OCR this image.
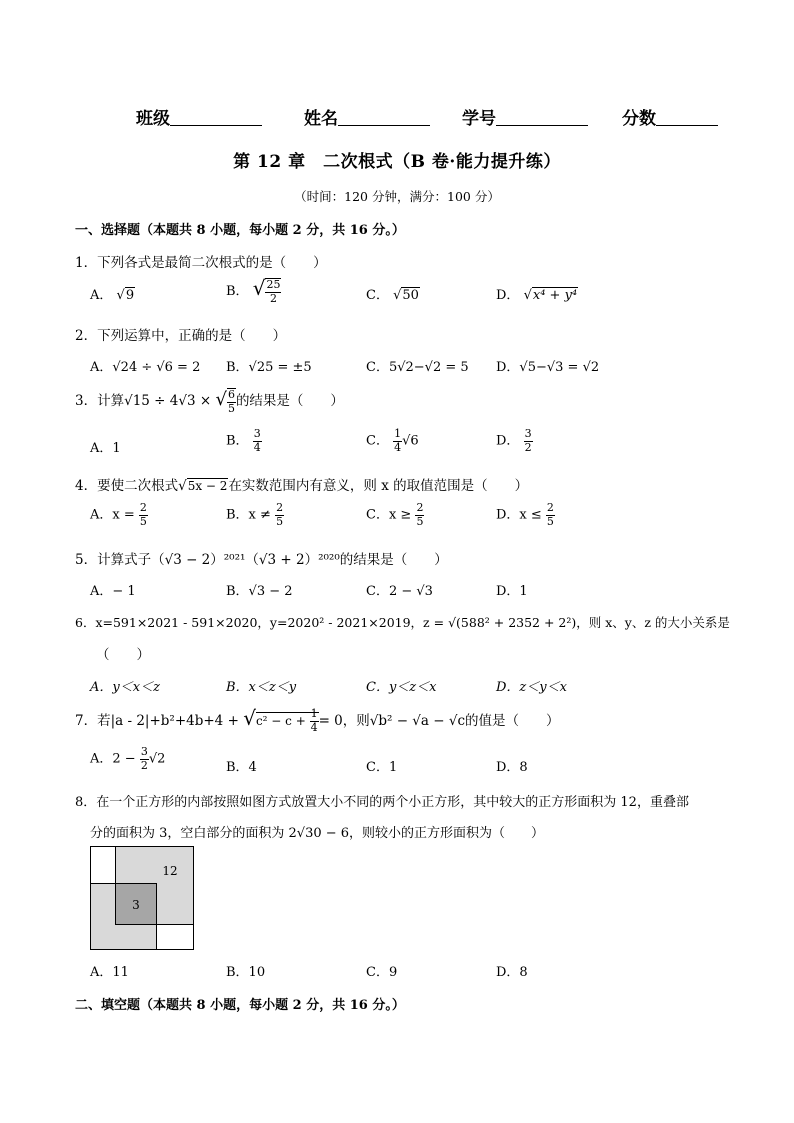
班级	姓名	学号	分数
第 12 章　二次根式（B 卷·能力提升练）
（时间：120 分钟，满分：100 分）
一、选择题（本题共 8 小题，每小题 2 分，共 16 分。）
1．下列各式是最简二次根式的是（　　）
A． √9	B． √ $\frac{25}{2}$	C． √50	D． √x⁴ + y⁴
2．下列运算中，正确的是（　　）
A．√24 ÷ √6 = 2 B．√25 = ±5	C．5√2−√2 = 5 D．√5−√3 = √2
3．计算√15 ÷ 4√3 × √ $\frac{6}{5}$ 的结果是（　　）
A．1	B． $\frac{3}{4}$	C． $\frac{1}{4} √6$	D． $\frac{3}{2}$
4．要使二次根式√5x − 2在实数范围内有意义，则 x 的取值范围是（　　）
A．$x = \frac{2}{5}$	B．$x \ne \frac{2}{5}$	C．$x \ge \frac{2}{5}$	D．$x \le \frac{2}{5}$
5．计算式子（√3 − 2）²⁰²¹（√3 + 2）²⁰²⁰的结果是（　　）
A．− 1	B．√3 − 2	C．2 − √3	D．1
6．x=591×2021 - 591×2020，y=2020² - 2021×2019，z = √(588² + 2352 + 2²)，则 x、y、z 的大小关系是
（　　）
A．y＜x＜z	B．x＜z＜y	C．y＜z＜x	D．z＜y＜x
7．若$|a - 2|+b^2+4b+4 + √c^2 - c + \frac{1}{4} = 0$，则√b² − √a − √c的值是（　　）
A．$2 - \frac{3}{2} √2$
B．4	C．1	D．8
8．在一个正方形的内部按照如图方式放置大小不同的两个小正方形，其中较大的正方形面积为 12，重叠部
分的面积为 3，空白部分的面积为 2√30 − 6，则较小的正方形面积为（　　）
12
3
A．11	B．10	C．9	D．8
二、填空题（本题共 8 小题，每小题 2 分，共 16 分。）
